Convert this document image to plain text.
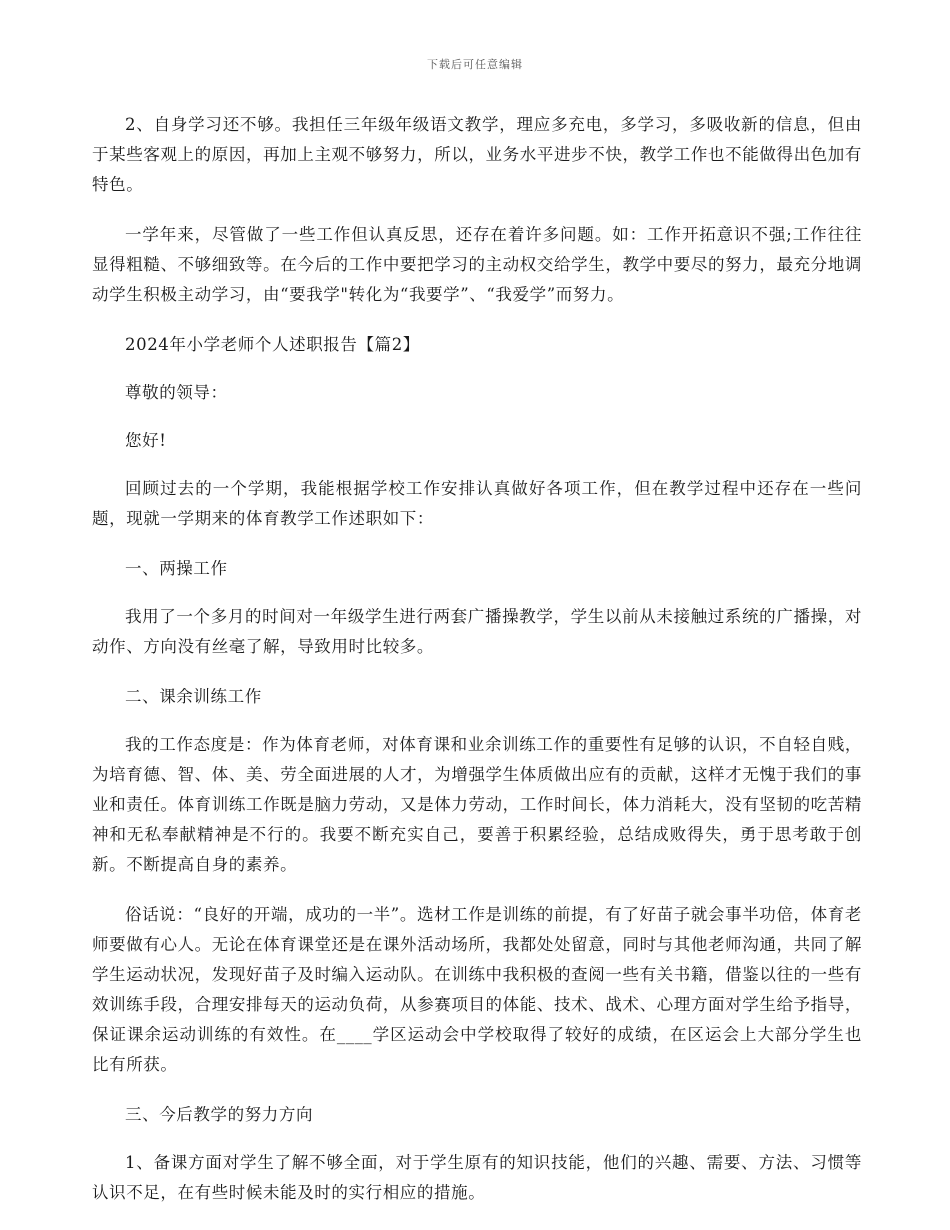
下载后可任意编辑

2、自身学习还不够。我担任三年级年级语文教学，理应多充电，多学习，多吸收新的信息，但由于某些客观上的原因，再加上主观不够努力，所以，业务水平进步不快，教学工作也不能做得出色加有特色。

一学年来，尽管做了一些工作但认真反思，还存在着许多问题。如：工作开拓意识不强;工作往往显得粗糙、不够细致等。在今后的工作中要把学习的主动权交给学生，教学中要尽的努力，最充分地调动学生积极主动学习，由“要我学"转化为“我要学”、“我爱学”而努力。

2024年小学老师个人述职报告【篇2】

尊敬的领导：

您好!

回顾过去的一个学期，我能根据学校工作安排认真做好各项工作，但在教学过程中还存在一些问题，现就一学期来的体育教学工作述职如下：

一、两操工作

我用了一个多月的时间对一年级学生进行两套广播操教学，学生以前从未接触过系统的广播操，对动作、方向没有丝毫了解，导致用时比较多。

二、课余训练工作

我的工作态度是：作为体育老师，对体育课和业余训练工作的重要性有足够的认识，不自轻自贱，为培育德、智、体、美、劳全面进展的人才，为增强学生体质做出应有的贡献，这样才无愧于我们的事业和责任。体育训练工作既是脑力劳动，又是体力劳动，工作时间长，体力消耗大，没有坚韧的吃苦精神和无私奉献精神是不行的。我要不断充实自己，要善于积累经验，总结成败得失，勇于思考敢于创新。不断提高自身的素养。

俗话说：“良好的开端，成功的一半”。选材工作是训练的前提，有了好苗子就会事半功倍，体育老师要做有心人。无论在体育课堂还是在课外活动场所，我都处处留意，同时与其他老师沟通，共同了解学生运动状况，发现好苗子及时编入运动队。在训练中我积极的查阅一些有关书籍，借鉴以往的一些有效训练手段，合理安排每天的运动负荷，从参赛项目的体能、技术、战术、心理方面对学生给予指导，保证课余运动训练的有效性。在____学区运动会中学校取得了较好的成绩，在区运会上大部分学生也比有所获。

三、今后教学的努力方向

1、备课方面对学生了解不够全面，对于学生原有的知识技能，他们的兴趣、需要、方法、习惯等认识不足，在有些时候未能及时的实行相应的措施。
